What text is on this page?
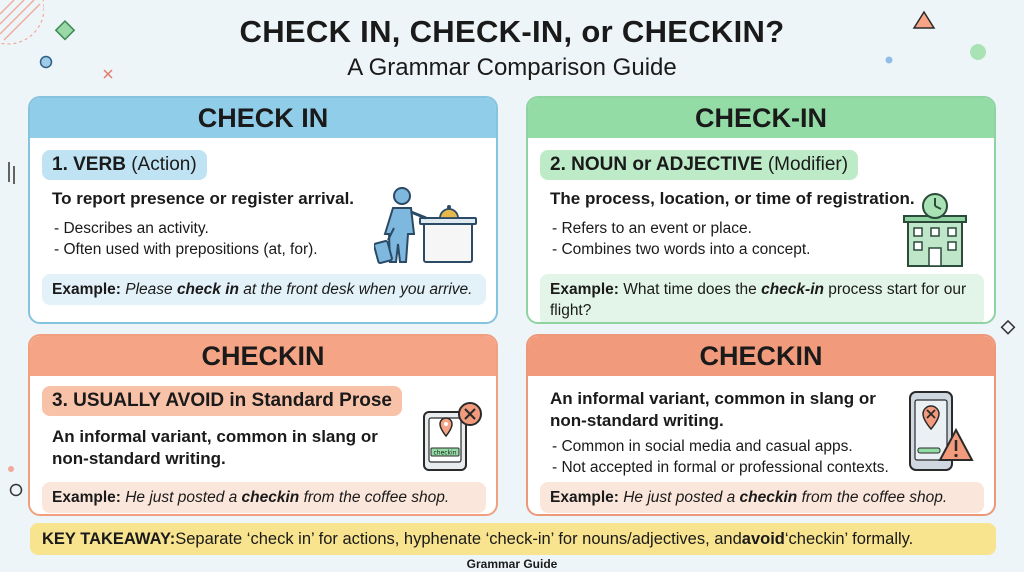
CHECK IN, CHECK-IN, or CHECKIN?
A Grammar Comparison Guide
CHECK IN
1. VERB (Action)
To report presence or register arrival.
- Describes an activity.
- Often used with prepositions (at, for).
Example: Please check in at the front desk when you arrive.
CHECK-IN
2. NOUN or ADJECTIVE (Modifier)
The process, location, or time of registration.
- Refers to an event or place.
- Combines two words into a concept.
Example: What time does the check-in process start for our flight?
CHECKIN
3. USUALLY AVOID in Standard Prose
An informal variant, common in slang or non-standard writing.	checkin
Example: He just posted a checkin from the coffee shop.
CHECKIN
An informal variant, common in slang or non-standard writing.
- Common in social media and casual apps.
- Not accepted in formal or professional contexts.
Example: He just posted a checkin from the coffee shop.
KEY TAKEAWAY: Separate ‘check in’ for actions, hyphenate ‘check-in’ for nouns/adjectives, and avoid ‘checkin’ formally.
Grammar Guide
